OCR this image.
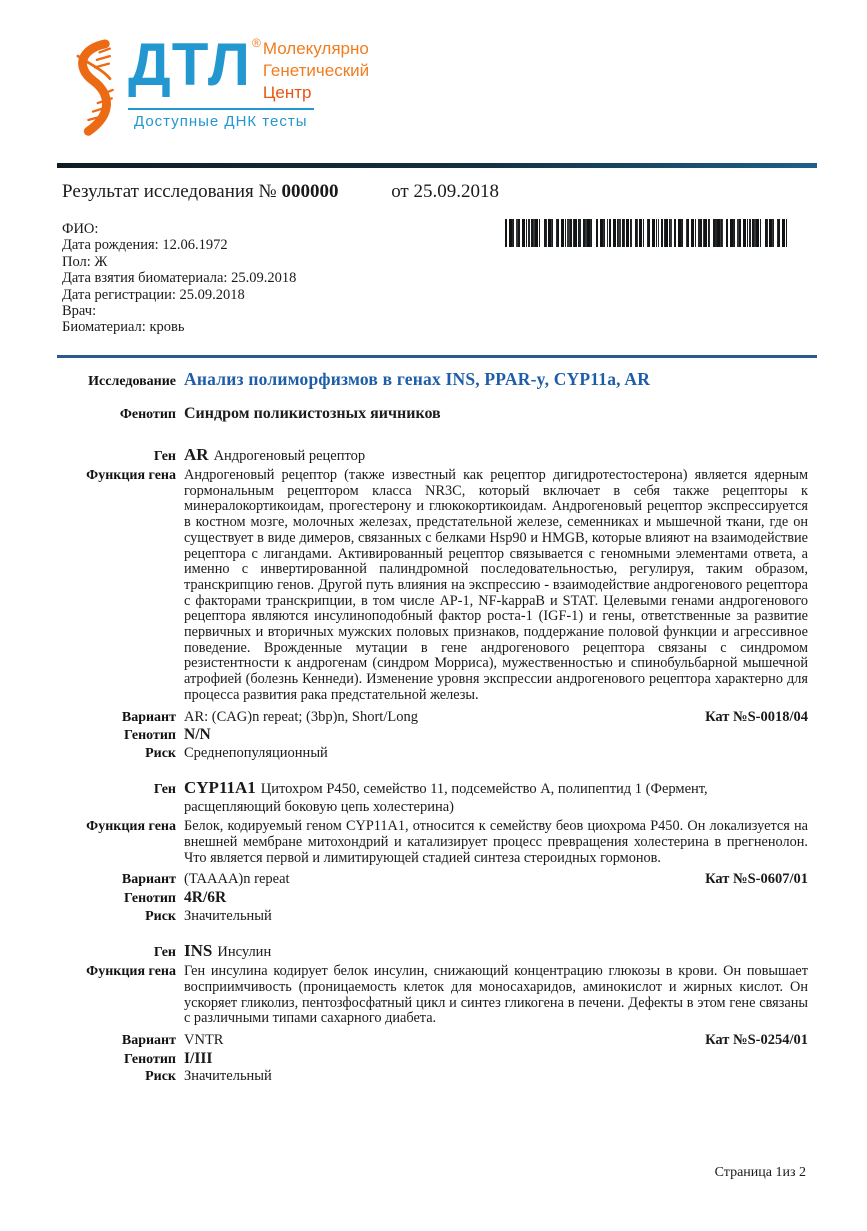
ДТЛ ® Молекулярно
Генетический
Центр
Доступные ДНК тесты
Результат исследования № 000000	от 25.09.2018
ФИО:
Дата рождения: 12.06.1972
Пол: Ж
Дата взятия биоматериала: 25.09.2018
Дата регистрации: 25.09.2018
Врач:
Биоматериал: кровь
Исследование Анализ полиморфизмов в генах INS, PPAR-y, CYP11a, AR
Фенотип Синдром поликистозных яичников
Ген AR Андрогеновый рецептор
Функция гена Андрогеновый рецептор (также известный как рецептор дигидротестостерона) является ядерным гормональным рецептором класса NR3C, который включает в себя также рецепторы к минералокортикоидам, прогестерону и глюкокортикоидам. Андрогеновый рецептор экспрессируется в костном мозге, молочных железах, предстательной железе, семенниках и мышечной ткани, где он существует в виде димеров, связанных с белками Hsp90 и HMGB, которые влияют на взаимодействие рецептора с лигандами. Активированный рецептор связывается с геномными элементами ответа, а именно с инвертированной палиндромной последовательностью, регулируя, таким образом, транскрипцию генов. Другой путь влияния на экспрессию - взаимодействие андрогенового рецептора с факторами транскрипции, в том числе AP-1, NF-kappaB и STAT. Целевыми генами андрогенового рецептора являются инсулиноподобный фактор роста-1 (IGF-1) и гены, ответственные за развитие первичных и вторичных мужских половых признаков, поддержание половой функции и агрессивное поведение. Врожденные мутации в гене андрогенового рецептора связаны с синдромом резистентности к андрогенам (синдром Морриса), мужественностью и спинобульбарной мышечной атрофией (болезнь Кеннеди). Изменение уровня экспрессии андрогенового рецептора характерно для процесса развития рака предстательной железы.
Вариант AR: (CAG)n repeat; (3bp)n, Short/Long	Кат №S-0018/04
Генотип N/N
Риск Среднепопуляционный
Ген CYP11A1 Цитохром P450, семейство 11, подсемейство A, полипептид 1 (Фермент, расщепляющий боковую цепь холестерина)
Функция гена Белок, кодируемый геном CYP11A1, относится к семейству беов циохрома P450. Он локализуется на внешней мембране митохондрий и катализирует процесс превращения холестерина в прегненолон. Что является первой и лимитирующей стадией синтеза стероидных гормонов.
Вариант (TAAAA)n repeat	Кат №S-0607/01
Генотип 4R/6R
Риск Значительный
Ген INS Инсулин
Функция гена Ген инсулина кодирует белок инсулин, снижающий концентрацию глюкозы в крови. Он повышает восприимчивость (проницаемость клеток для моносахаридов, аминокислот и жирных кислот. Он ускоряет гликолиз, пентозфосфатный цикл и синтез гликогена в печени. Дефекты в этом гене связаны с различными типами сахарного диабета.
Вариант VNTR	Кат №S-0254/01
Генотип I/III
Риск Значительный
Страница 1из 2
